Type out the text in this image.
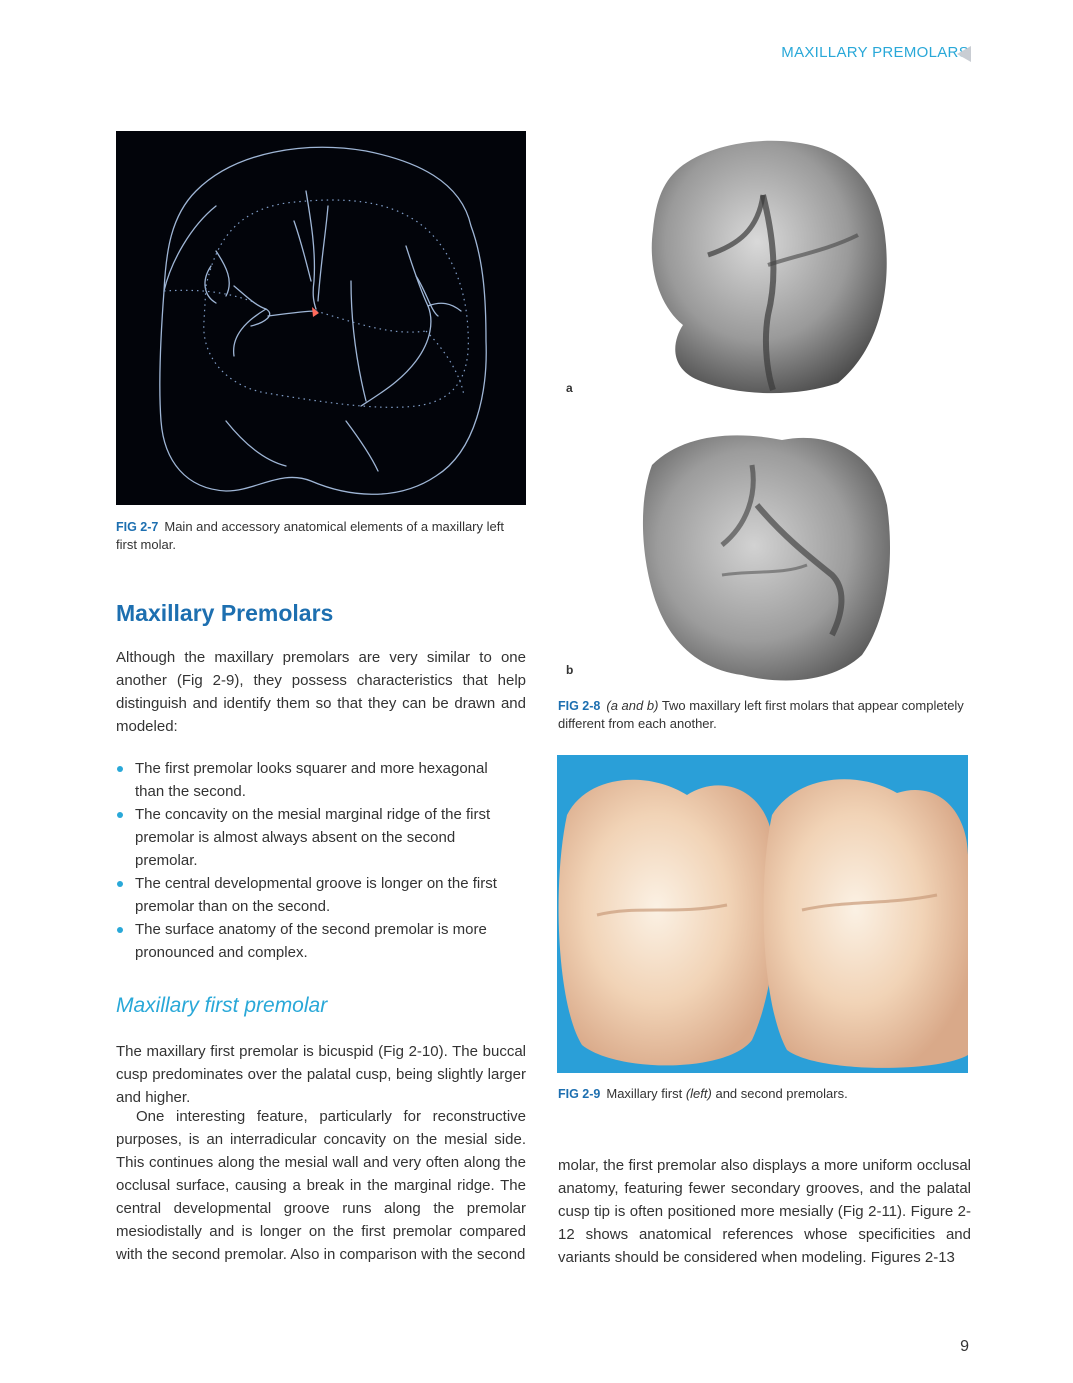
MAXILLARY PREMOLARS
FIG 2-7 Main and accessory anatomical elements of a maxillary left first molar.
a
b
FIG 2-8 (a and b) Two maxillary left first molars that appear completely different from each another.
FIG 2-9 Maxillary first (left) and second premolars.
Maxillary Premolars

Although the maxillary premolars are very similar to one another (Fig 2-9), they possess characteristics that help distinguish and identify them so that they can be drawn and modeled:

The first premolar looks squarer and more hexagonal than the second.
The concavity on the mesial marginal ridge of the first premolar is almost always absent on the second premolar.
The central developmental groove is longer on the first premolar than on the second.
The surface anatomy of the second premolar is more pronounced and complex.
Maxillary first premolar

The maxillary first premolar is bicuspid (Fig 2-10). The buccal cusp predominates over the palatal cusp, being slightly larger and higher.

One interesting feature, particularly for reconstructive purposes, is an interradicular concavity on the mesial side. This continues along the mesial wall and very often along the occlusal surface, causing a break in the marginal ridge. The central developmental groove runs along the premolar mesiodistally and is longer on the first premolar compared with the second premolar. Also in comparison with the second

molar, the first premolar also displays a more uniform occlusal anatomy, featuring fewer secondary grooves, and the palatal cusp tip is often positioned more mesially (Fig 2-11). Figure 2-12 shows anatomical references whose specificities and variants should be considered when modeling. Figures 2-13

9
